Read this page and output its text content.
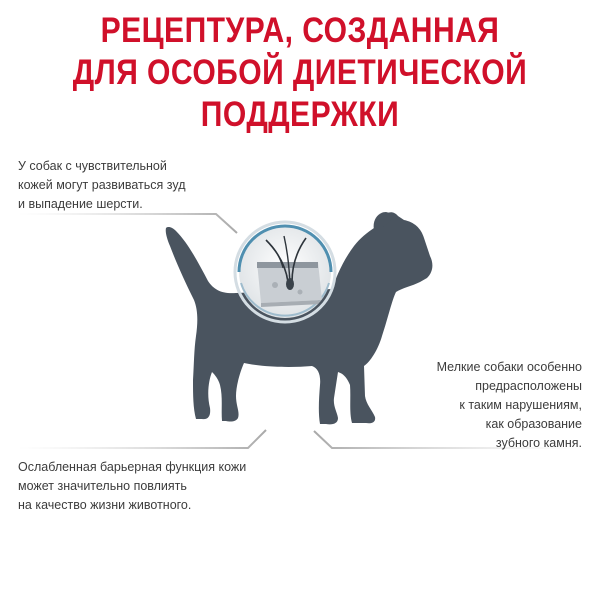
РЕЦЕПТУРА, СОЗДАННАЯ
ДЛЯ ОСОБОЙ ДИЕТИЧЕСКОЙ
ПОДДЕРЖКИ
У собак с чувствительной
кожей могут развиваться зуд
и выпадение шерсти.
Мелкие собаки особенно
предрасположены
к таким нарушениям,
как образование
зубного камня.
Ослабленная барьерная функция кожи
может значительно повлиять
на качество жизни животного.
